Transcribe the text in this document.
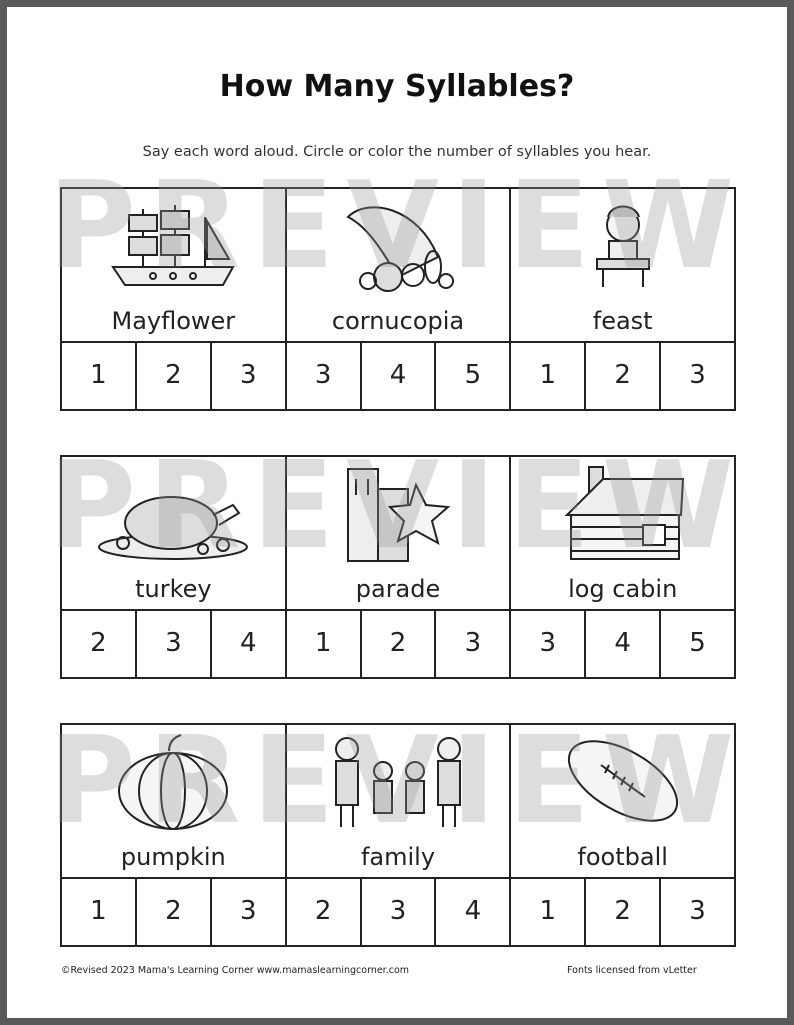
How Many Syllables?
Say each word aloud. Circle or color the number of syllables you hear.
Mayflower	cornucopia	feast
1	2	3	3	4	5	1	2	3
turkey	parade	log cabin
2	3	4	1	2	3	3	4	5
pumpkin	family	football
1	2	3	2	3	4	1	2	3
PREVIEW
PREVIEW
PREVIEW
©Revised 2023 Mama's Learning Corner www.mamaslearningcorner.com	Fonts licensed from vLetter
